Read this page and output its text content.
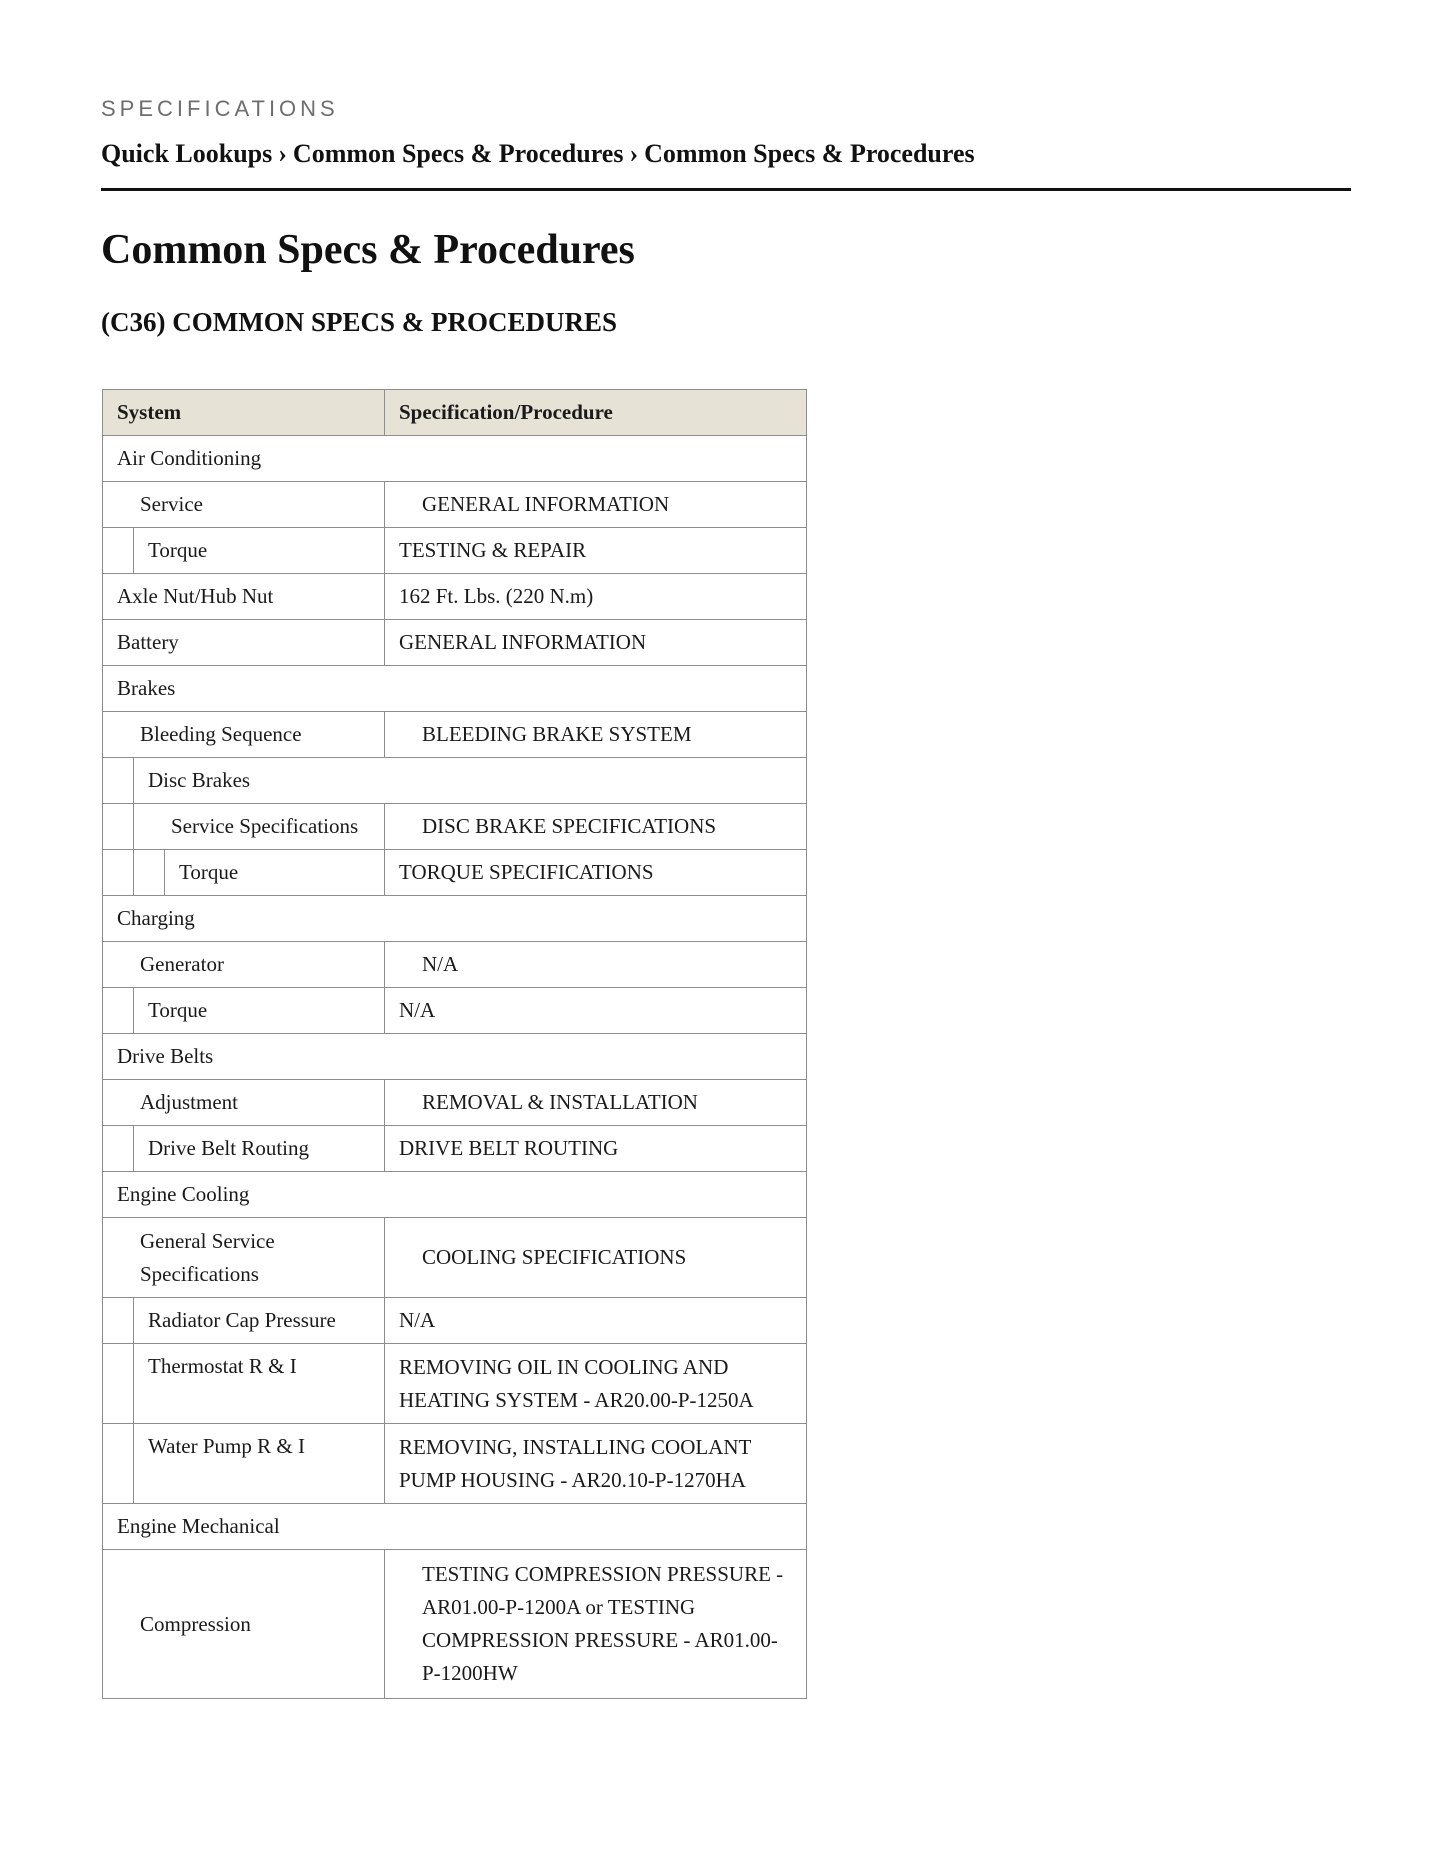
SPECIFICATIONS
Quick Lookups › Common Specs & Procedures › Common Specs & Procedures
Common Specs & Procedures
(C36) COMMON SPECS & PROCEDURES
System	Specification/Procedure
Air Conditioning	
Service	GENERAL INFORMATION

Torque	TESTING & REPAIR
Axle Nut/Hub Nut	162 Ft. Lbs. (220 N.m)
Battery	GENERAL INFORMATION
Brakes	
Bleeding Sequence	BLEEDING BRAKE SYSTEM

Disc Brakes	

Service Specifications	DISC BRAKE SPECIFICATIONS

Torque	TORQUE SPECIFICATIONS
Charging	
Generator	N/A

Torque	N/A
Drive Belts	
Adjustment	REMOVAL & INSTALLATION

Drive Belt Routing	DRIVE BELT ROUTING
Engine Cooling	
General Service Specifications	COOLING SPECIFICATIONS

Radiator Cap Pressure	N/A

Thermostat R & I	REMOVING OIL IN COOLING AND HEATING SYSTEM - AR20.00-P-1250A

Water Pump R & I	REMOVING, INSTALLING COOLANT PUMP HOUSING - AR20.10-P-1270HA
Engine Mechanical	
Compression	TESTING COMPRESSION PRESSURE - AR01.00-P-1200A or TESTING COMPRESSION PRESSURE - AR01.00-P-1200HW
